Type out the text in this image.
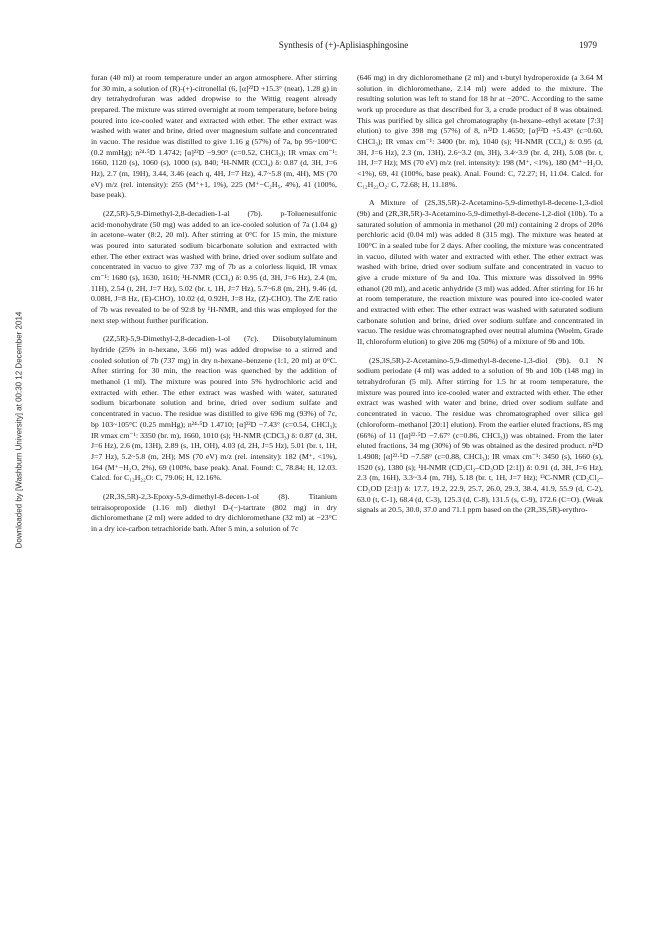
Synthesis of (+)-Aplisiasphingosine	1979
Downloaded by [Washburn University] at 00:30 12 December 2014

furan (40 ml) at room temperature under an argon atmosphere. After stirring for 30 min, a solution of (R)-(+)-citronellal (6, [α]²²D +15.3° (neat), 1.28 g) in dry tetrahydrofuran was added dropwise to the Wittig reagent already prepared. The mixture was stirred overnight at room temperature, before being poured into ice-cooled water and extracted with ether. The ether extract was washed with water and brine, dried over magnesium sulfate and concentrated in vacuo. The residue was distilled to give 1.16 g (57%) of 7a, bp 95~100°C (0.2 mmHg); n²⁴·⁵D 1.4742; [α]²²D −9.90° (c=0.52, CHCl₃); IR νmax cm⁻¹: 1660, 1120 (s), 1060 (s), 1000 (s), 840; ¹H-NMR (CCl₄) δ: 0.87 (d, 3H, J=6 Hz), 2.7 (m, 19H), 3.44, 3.46 (each q, 4H, J=7 Hz), 4.7~5.8 (m, 4H), MS (70 eV) m/z (rel. intensity): 255 (M⁺+1, 1%), 225 (M⁺−C₂H₅, 4%), 41 (100%, base peak).

(2Z,5R)-5,9-Dimethyl-2,8-decadien-1-al (7b). p-Toluenesulfonic acid·monohydrate (50 mg) was added to an ice-cooled solution of 7a (1.04 g) in acetone–water (8:2, 20 ml). After stirring at 0°C for 15 min, the mixture was poured into saturated sodium bicarbonate solution and extracted with ether. The ether extract was washed with brine, dried over sodium sulfate and concentrated in vacuo to give 737 mg of 7b as a colorless liquid, IR νmax cm⁻¹: 1680 (s), 1630, 1610; ¹H-NMR (CCl₄) δ: 0.95 (d, 3H, J=6 Hz), 2.4 (m, 11H), 2.54 (t, 2H, J=7 Hz), 5.02 (br. t, 1H, J=7 Hz), 5.7~6.8 (m, 2H), 9.46 (d, 0.08H, J=8 Hz, (E)-CHO), 10.02 (d, 0.92H, J=8 Hz, (Z)-CHO). The Z/E ratio of 7b was revealed to be of 92:8 by ¹H-NMR, and this was employed for the next step without further purification.

(2Z,5R)-5,9-Dimethyl-2,8-decadien-1-ol (7c). Diisobutylaluminum hydride (25% in n-hexane, 3.66 ml) was added dropwise to a stirred and cooled solution of 7b (737 mg) in dry n-hexane–benzene (1:1, 20 ml) at 0°C. After stirring for 30 min, the reaction was quenched by the addition of methanol (1 ml). The mixture was poured into 5% hydrochloric acid and extracted with ether. The ether extract was washed with water, saturated sodium bicarbonate solution and brine, dried over sodium sulfate and concentrated in vacuo. The residue was distilled to give 696 mg (93%) of 7c, bp 103~105°C (0.25 mmHg); n²⁴·⁵D 1.4710; [α]²²D −7.43° (c=0.54, CHCl₃); IR νmax cm⁻¹: 3350 (br. m), 1660, 1010 (s); ¹H-NMR (CDCl₃) δ: 0.87 (d, 3H, J=6 Hz), 2.6 (m, 13H), 2.89 (s, 1H, OH), 4.03 (d, 2H, J=5 Hz), 5.01 (br. t, 1H, J=7 Hz), 5.2~5.8 (m, 2H); MS (70 eV) m/z (rel. intensity): 182 (M⁺, <1%), 164 (M⁺−H₂O, 2%), 69 (100%, base peak). Anal. Found: C, 78.84; H, 12.03. Calcd. for C₁₂H₂₂O: C, 79.06; H, 12.16%.

(2R,3S,5R)-2,3-Epoxy-5,9-dimethyl-8-decen-1-ol (8). Titanium tetraisopropoxide (1.16 ml) diethyl D-(−)-tartrate (802 mg) in dry dichloromethane (2 ml) were added to dry dichloromethane (32 ml) at −23°C in a dry ice-carbon tetrachloride bath. After 5 min, a solution of 7c

(646 mg) in dry dichloromethane (2 ml) and t-butyl hydroperoxide (a 3.64 M solution in dichloromethane, 2.14 ml) were added to the mixture. The resulting solution was left to stand for 18 hr at −20°C. According to the same work up procedure as that described for 3, a crude product of 8 was obtained. This was purified by silica gel chromatography (n-hexane–ethyl acetate [7:3] elution) to give 398 mg (57%) of 8, n²²D 1.4650; [α]²²D +5.43° (c=0.60, CHCl₃); IR νmax cm⁻¹: 3400 (br. m), 1040 (s); ¹H-NMR (CCl₄) δ: 0.95 (d, 3H, J=6 Hz), 2.3 (m, 13H), 2.6~3.2 (m, 3H), 3.4~3.9 (br. d, 2H), 5.08 (br. t, 1H, J=7 Hz); MS (70 eV) m/z (rel. intensity): 198 (M⁺, <1%), 180 (M⁺−H₂O, <1%), 69, 41 (100%, base peak). Anal. Found: C, 72.27; H, 11.04. Calcd. for C₁₂H₂₂O₂: C, 72.68; H, 11.18%.

A Mixture of (2S,3S,5R)-2-Acetamino-5,9-dimethyl-8-decene-1,3-diol (9b) and (2R,3R,5R)-3-Acetamino-5,9-dimethyl-8-decene-1,2-diol (10b). To a saturated solution of ammonia in methanol (20 ml) containing 2 drops of 20% perchloric acid (0.04 ml) was added 8 (315 mg). The mixture was heated at 100°C in a sealed tube for 2 days. After cooling, the mixture was concentrated in vacuo, diluted with water and extracted with ether. The ether extract was washed with brine, dried over sodium sulfate and concentrated in vacuo to give a crude mixture of 9a and 10a. This mixture was dissolved in 99% ethanol (20 ml), and acetic anhydride (3 ml) was added. After stirring for 16 hr at room temperature, the reaction mixture was poured into ice-cooled water and extracted with ether. The ether extract was washed with saturated sodium carbonate solution and brine, dried over sodium sulfate and concentrated in vacuo. The residue was chromatographed over neutral alumina (Woelm, Grade II, chloroform elution) to give 206 mg (50%) of a mixture of 9b and 10b.

(2S,3S,5R)-2-Acetamino-5,9-dimethyl-8-decene-1,3-diol (9b). 0.1 N sodium periodate (4 ml) was added to a solution of 9b and 10b (148 mg) in tetrahydrofuran (5 ml). After stirring for 1.5 hr at room temperature, the mixture was poured into ice-cooled water and extracted with ether. The ether extract was washed with water and brine, dried over sodium sulfate and concentrated in vacuo. The residue was chromatographed over silica gel (chloroform–methanol [20:1] elution). From the earlier eluted fractions, 85 mg (66%) of 11 ([α]²²·⁵D −7.67° (c=0.86, CHCl₃)) was obtained. From the later eluted fractions, 34 mg (30%) of 9b was obtained as the desired product. n²⁴D 1.4908; [α]²²·⁵D −7.58° (c=0.88, CHCl₃); IR νmax cm⁻¹: 3450 (s), 1660 (s), 1520 (s), 1380 (s); ¹H-NMR (CD₂Cl₂–CD₃OD [2:1]) δ: 0.91 (d, 3H, J=6 Hz), 2.3 (m, 16H), 3.3~3.4 (m, 7H), 5.18 (br. t, 1H, J=7 Hz); ¹³C-NMR (CD₂Cl₂–CD₃OD [2:1]) δ: 17.7, 19.2, 22.9, 25.7, 26.0, 29.3, 38.4, 41.9, 55.9 (d, C-2), 63.0 (t, C-1), 68.4 (d, C-3), 125.3 (d, C-8), 131.5 (s, C-9), 172.6 (C=O). (Weak signals at 20.5, 30.0, 37.0 and 71.1 ppm based on the (2R,3S,5R)-erythro-
